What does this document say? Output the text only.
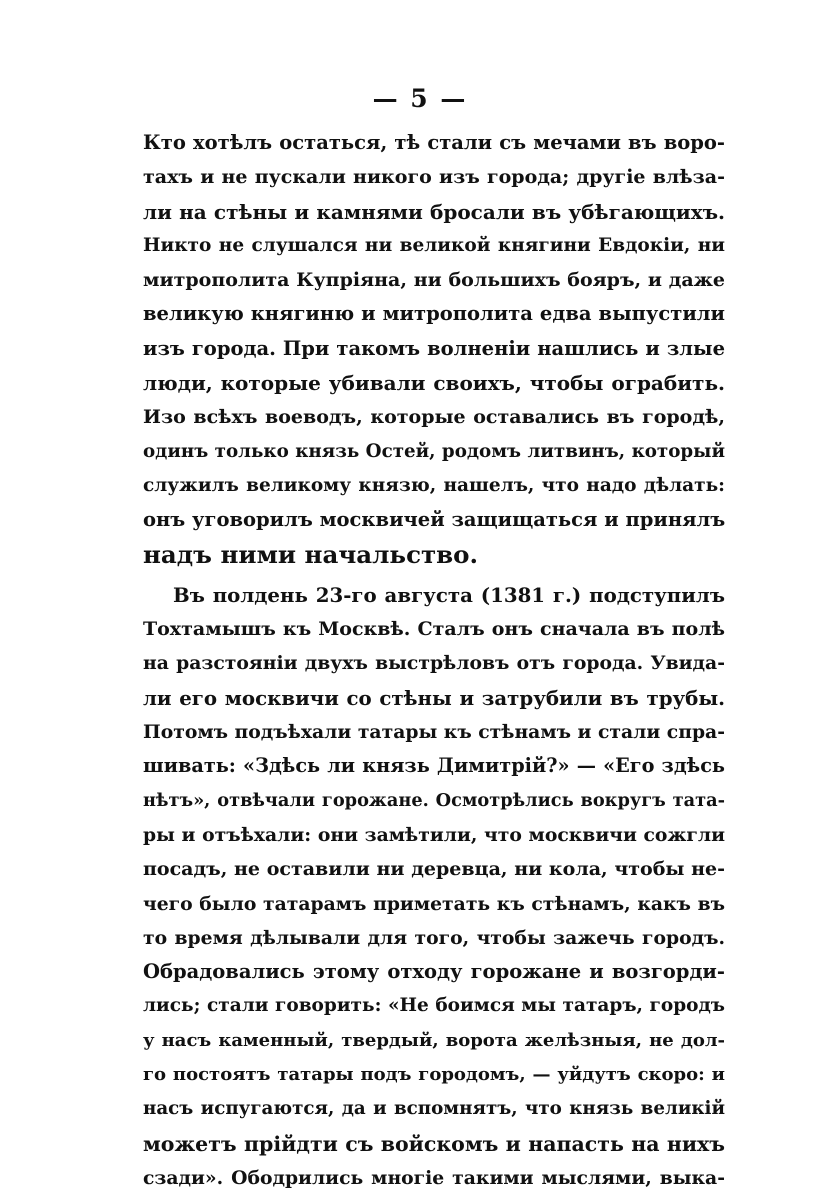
— 5 —
Кто хотѣлъ остаться, тѣ стали съ мечами въ воро-
тахъ и не пускали никого изъ города; другіе влѣза-
ли на стѣны и камнями бросали въ убѣгающихъ.
Никто не слушался ни великой княгини Евдокіи, ни
митрополита Купріяна, ни большихъ бояръ, и даже
великую княгиню и митрополита едва выпустили
изъ города. При такомъ волненіи нашлись и злые
люди, которые убивали своихъ, чтобы ограбить.
Изо всѣхъ воеводъ, которые оставались въ городѣ,
одинъ только князь Остей, родомъ литвинъ, который
служилъ великому князю, нашелъ, что надо дѣлать:
онъ уговорилъ москвичей защищаться и принялъ
надъ ними начальство.
Въ полдень 23-го августа (1381 г.) подступилъ
Тохтамышъ къ Москвѣ. Сталъ онъ сначала въ полѣ
на разстояніи двухъ выстрѣловъ отъ города. Увида-
ли его москвичи со стѣны и затрубили въ трубы.
Потомъ подъѣхали татары къ стѣнамъ и стали спра-
шивать: «Здѣсь ли князь Димитрій?» — «Его здѣсь
нѣтъ», отвѣчали горожане. Осмотрѣлись вокругъ тата-
ры и отъѣхали: они замѣтили, что москвичи сожгли
посадъ, не оставили ни деревца, ни кола, чтобы не-
чего было татарамъ приметать къ стѣнамъ, какъ въ
то время дѣлывали для того, чтобы зажечь городъ.
Обрадовались этому отходу горожане и возгорди-
лись; стали говорить: «Не боимся мы татаръ, городъ
у насъ каменный, твердый, ворота желѣзныя, не дол-
го постоятъ татары подъ городомъ, — уйдутъ скоро: и
насъ испугаются, да и вспомнятъ, что князь великій
можетъ прійдти съ войскомъ и напасть на нихъ
сзади». Ободрились многіе такими мыслями, выка-
